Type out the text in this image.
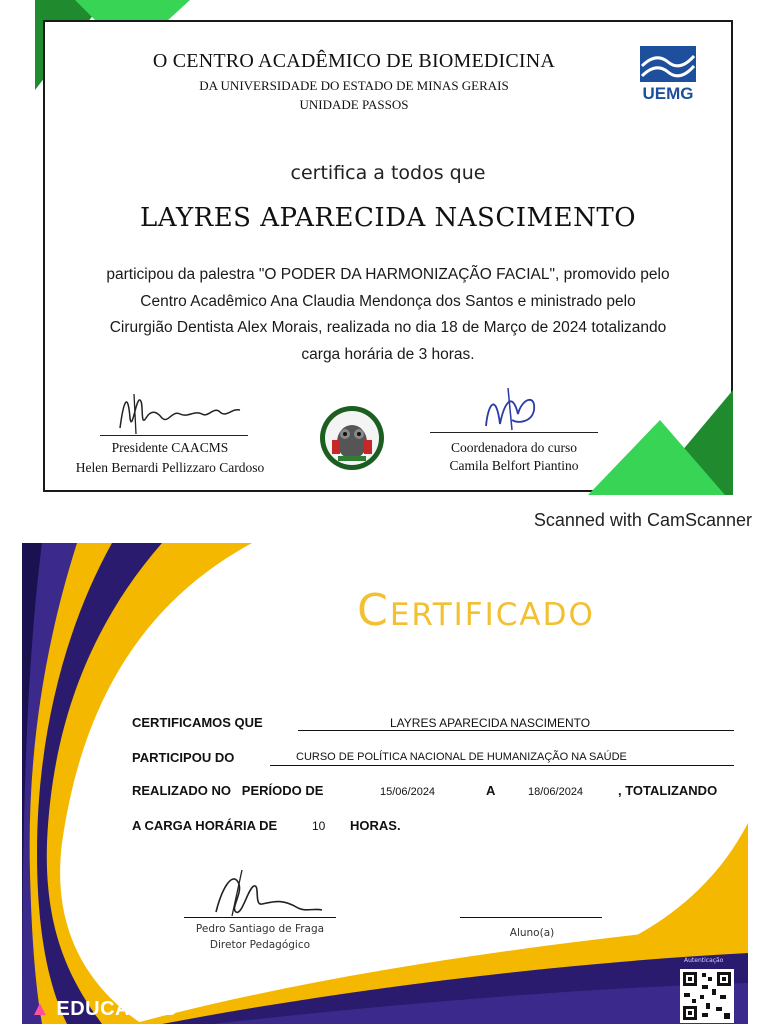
O CENTRO ACADÊMICO DE BIOMEDICINA
DA UNIVERSIDADE DO ESTADO DE MINAS GERAIS
UNIDADE PASSOS
UEMG
certifica a todos que
LAYRES APARECIDA NASCIMENTO
participou da palestra "O PODER DA HARMONIZAÇÃO FACIAL", promovido pelo
Centro Acadêmico Ana Claudia Mendonça dos Santos e ministrado pelo
Cirurgião Dentista Alex Morais, realizada no dia 18 de Março de 2024 totalizando
carga horária de 3 horas.
Presidente CAACMS
Helen Bernardi Pellizzaro Cardoso
Coordenadora do curso
Camila Belfort Piantino
Scanned with CamScanner
Certificado
CERTIFICAMOS QUE	LAYRES APARECIDA NASCIMENTO
PARTICIPOU DO	CURSO DE POLÍTICA NACIONAL DE HUMANIZAÇÃO NA SAÚDE
REALIZADO NO   PERÍODO DE	15/06/2024	A	18/06/2024	, TOTALIZANDO
A CARGA HORÁRIA DE	10 HORAS.
Pedro Santiago de Fraga
Diretor Pedagógico
Aluno(a)
▲ EDUCAWEB
Autenticação
